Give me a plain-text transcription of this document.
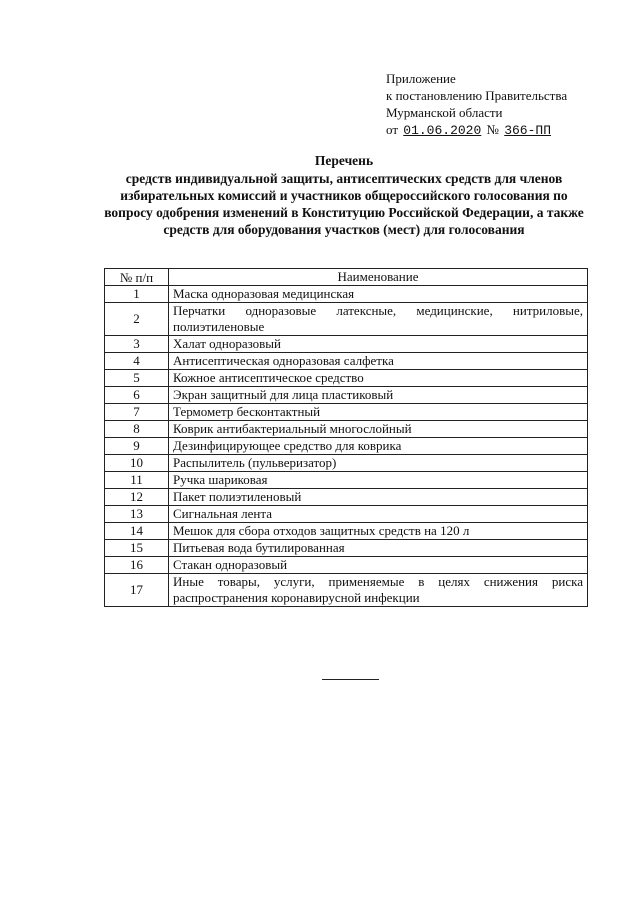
Приложение
к постановлению Правительства
Мурманской области
от 01.06.2020 № 366-ПП
Перечень
средств индивидуальной защиты, антисептических средств для членов избирательных комиссий и участников общероссийского голосования по вопросу одобрения изменений в Конституцию Российской Федерации, а также средств для оборудования участков (мест) для голосования
№ п/п	Наименование
1	Маска одноразовая медицинская
2	Перчатки одноразовые латексные, медицинские, нитриловые, полиэтиленовые
3	Халат одноразовый
4	Антисептическая одноразовая салфетка
5	Кожное антисептическое средство
6	Экран защитный для лица пластиковый
7	Термометр бесконтактный
8	Коврик антибактериальный многослойный
9	Дезинфицирующее средство для коврика
10	Распылитель (пульверизатор)
11	Ручка шариковая
12	Пакет полиэтиленовый
13	Сигнальная лента
14	Мешок для сбора отходов защитных средств на 120 л
15	Питьевая вода бутилированная
16	Стакан одноразовый
17	Иные товары, услуги, применяемые в целях снижения риска распространения коронавирусной инфекции
